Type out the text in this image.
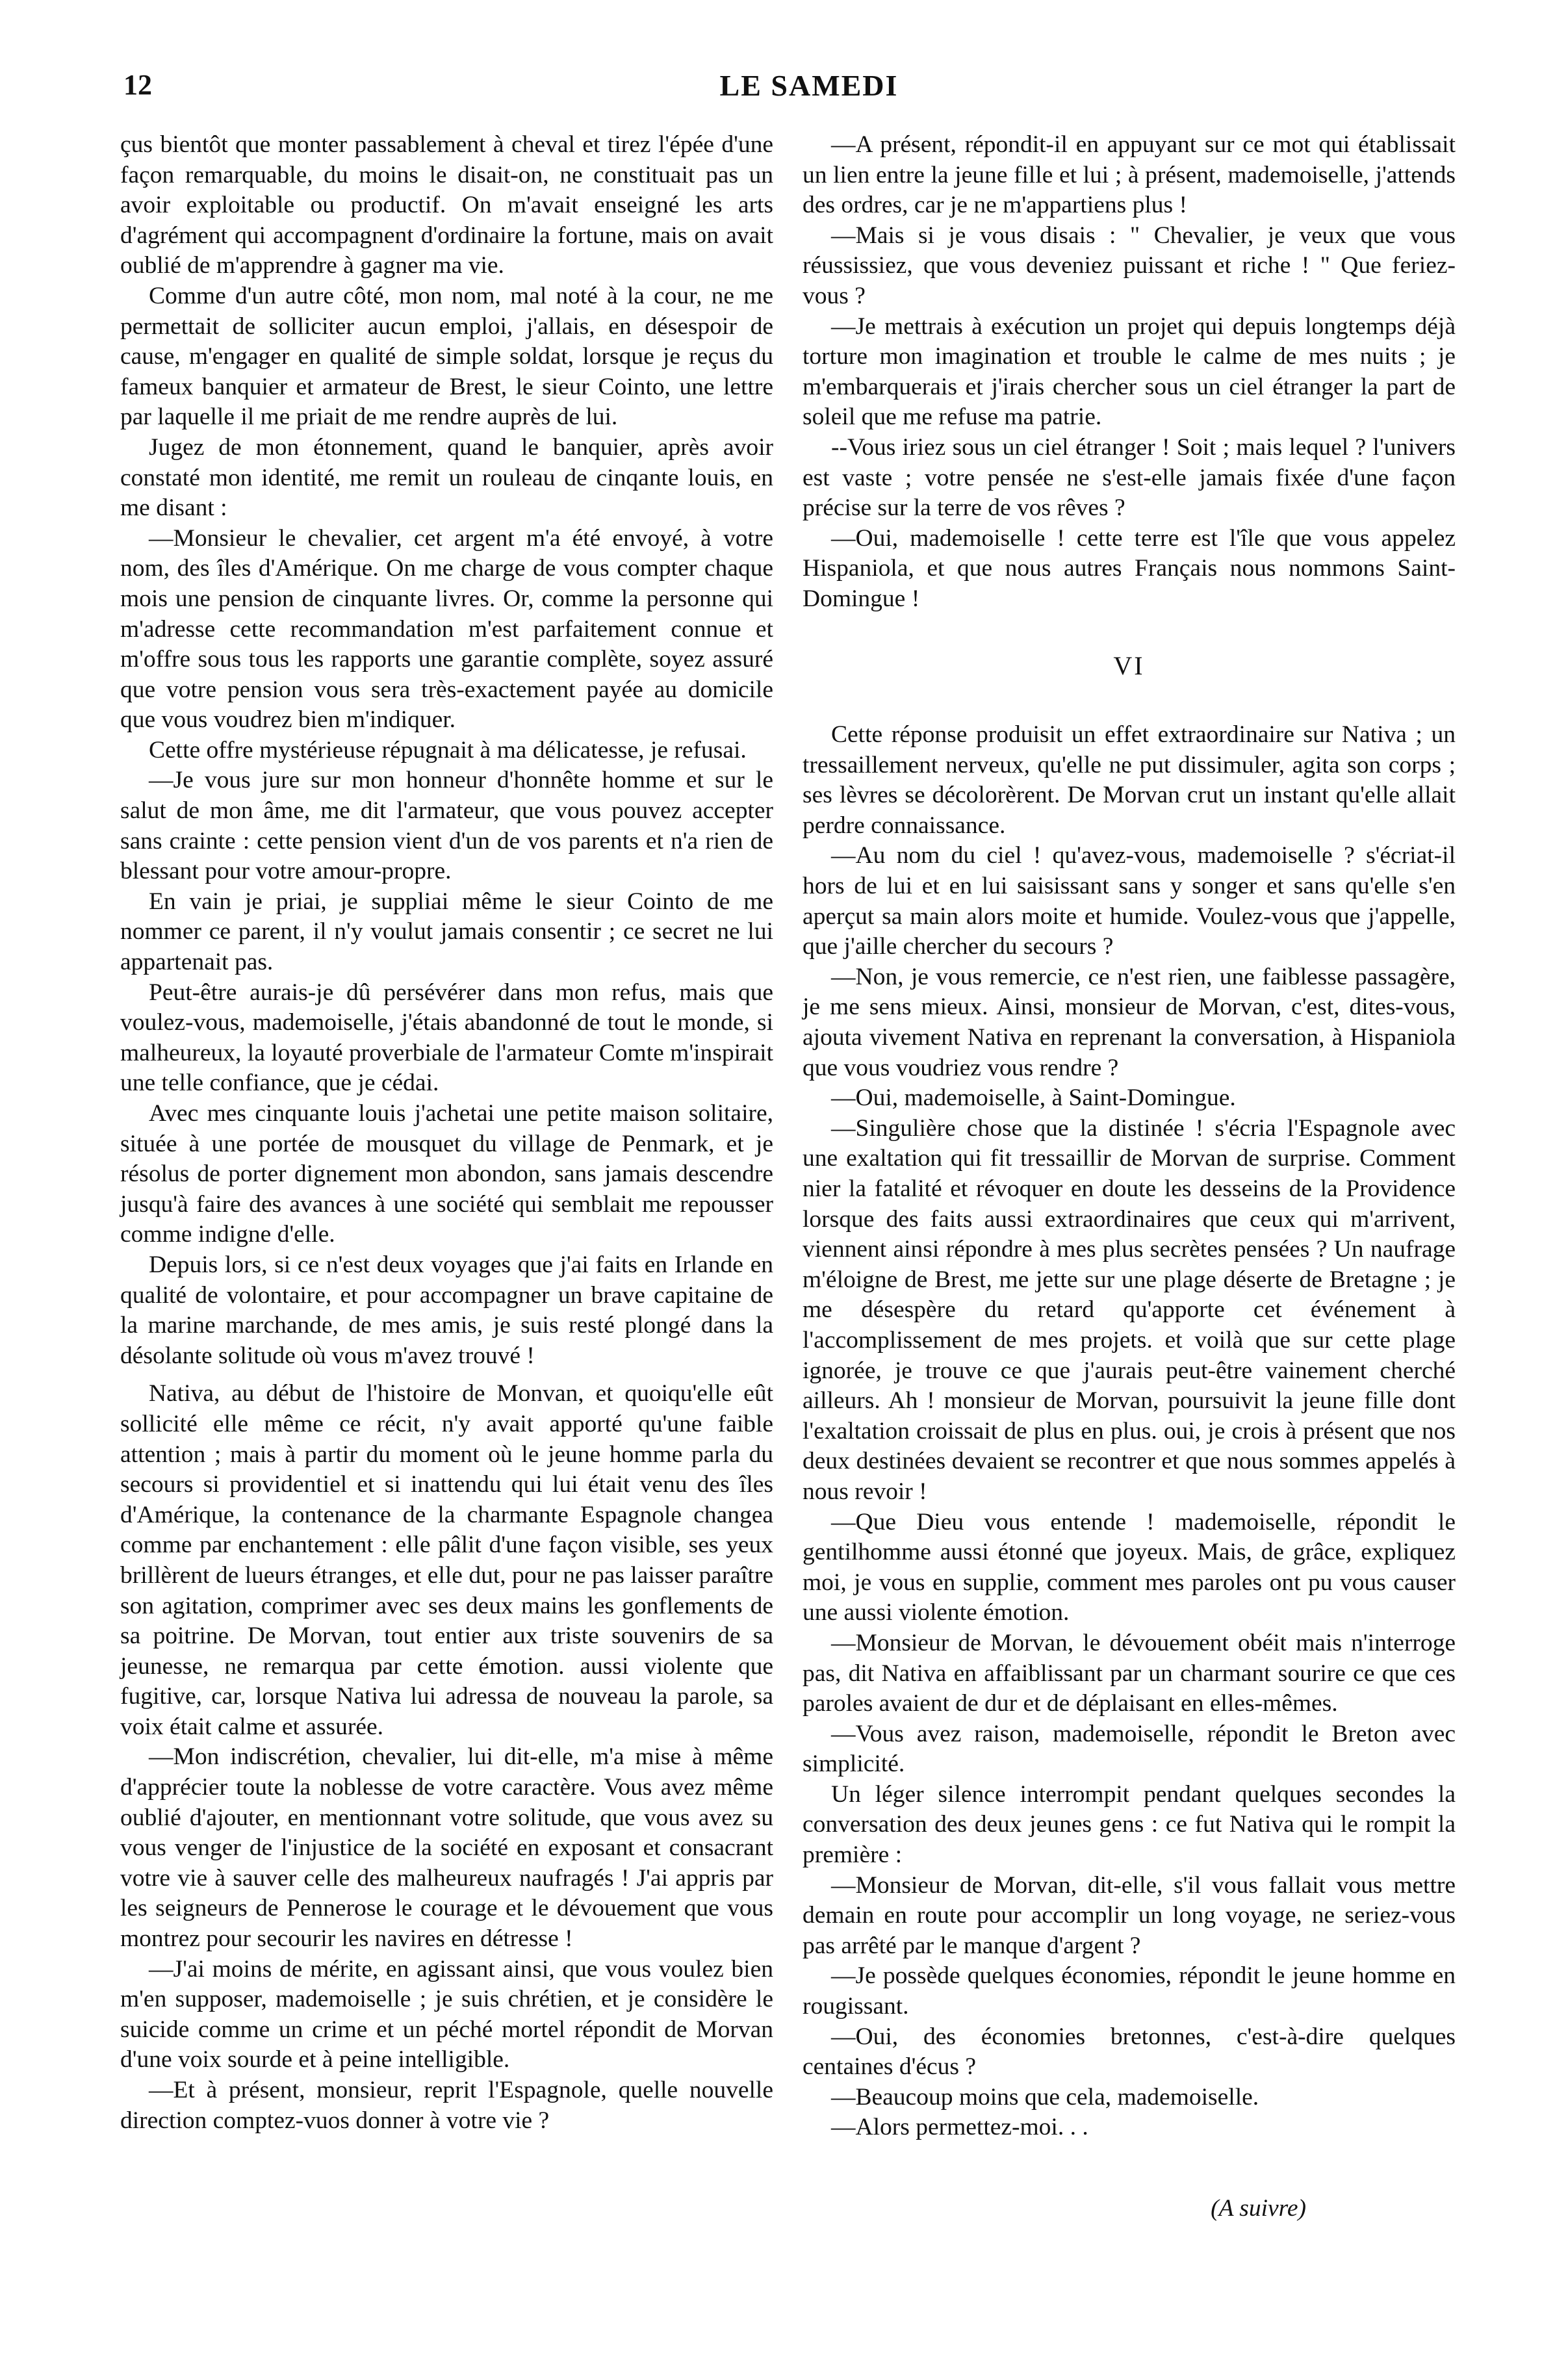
12	LE SAMEDI

çus bientôt que monter passablement à cheval et tirez l'épée d'une façon remarquable, du moins le disait-on, ne constituait pas un avoir exploitable ou productif. On m'avait enseigné les arts d'agrément qui accompagnent d'ordinaire la fortune, mais on avait oublié de m'apprendre à gagner ma vie.

Comme d'un autre côté, mon nom, mal noté à la cour, ne me permettait de solliciter aucun emploi, j'allais, en désespoir de cause, m'engager en qualité de simple soldat, lorsque je reçus du fameux banquier et armateur de Brest, le sieur Cointo, une lettre par laquelle il me priait de me rendre auprès de lui.

Jugez de mon étonnement, quand le banquier, après avoir constaté mon identité, me remit un rouleau de cinqante louis, en me disant :

—Monsieur le chevalier, cet argent m'a été envoyé, à votre nom, des îles d'Amérique. On me charge de vous compter chaque mois une pension de cinquante livres. Or, comme la personne qui m'adresse cette recommandation m'est parfaitement connue et m'offre sous tous les rapports une garantie complète, soyez assuré que votre pension vous sera très-exactement payée au domicile que vous voudrez bien m'indiquer.

Cette offre mystérieuse répugnait à ma délicatesse, je refusai.

—Je vous jure sur mon honneur d'honnête homme et sur le salut de mon âme, me dit l'armateur, que vous pouvez accepter sans crainte : cette pension vient d'un de vos parents et n'a rien de blessant pour votre amour-propre.

En vain je priai, je suppliai même le sieur Cointo de me nommer ce parent, il n'y voulut jamais consentir ; ce secret ne lui appartenait pas.

Peut-être aurais-je dû persévérer dans mon refus, mais que voulez-vous, mademoiselle, j'étais abandonné de tout le monde, si malheureux, la loyauté proverbiale de l'armateur Comte m'inspirait une telle confiance, que je cédai.

Avec mes cinquante louis j'achetai une petite maison solitaire, située à une portée de mousquet du village de Penmark, et je résolus de porter dignement mon abondon, sans jamais descendre jusqu'à faire des avances à une société qui semblait me repousser comme indigne d'elle.

Depuis lors, si ce n'est deux voyages que j'ai faits en Irlande en qualité de volontaire, et pour accompagner un brave capitaine de la marine marchande, de mes amis, je suis resté plongé dans la désolante solitude où vous m'avez trouvé !

Nativa, au début de l'histoire de Monvan, et quoiqu'elle eût sollicité elle même ce récit, n'y avait apporté qu'une faible attention ; mais à partir du moment où le jeune homme parla du secours si providentiel et si inattendu qui lui était venu des îles d'Amérique, la contenance de la charmante Espagnole changea comme par enchantement : elle pâlit d'une façon visible, ses yeux brillèrent de lueurs étranges, et elle dut, pour ne pas laisser paraître son agitation, comprimer avec ses deux mains les gonflements de sa poitrine. De Morvan, tout entier aux triste souvenirs de sa jeunesse, ne remarqua par cette émotion. aussi violente que fugitive, car, lorsque Nativa lui adressa de nouveau la parole, sa voix était calme et assurée.

—Mon indiscrétion, chevalier, lui dit-elle, m'a mise à même d'apprécier toute la noblesse de votre caractère. Vous avez même oublié d'ajouter, en mentionnant votre solitude, que vous avez su vous venger de l'injustice de la société en exposant et consacrant votre vie à sauver celle des malheureux naufragés ! J'ai appris par les seigneurs de Pennerose le courage et le dévouement que vous montrez pour secourir les navires en détresse !

—J'ai moins de mérite, en agissant ainsi, que vous voulez bien m'en supposer, mademoiselle ; je suis chrétien, et je considère le suicide comme un crime et un péché mortel répondit de Morvan d'une voix sourde et à peine intelligible.

—Et à présent, monsieur, reprit l'Espagnole, quelle nouvelle direction comptez-vuos donner à votre vie ?

—A présent, répondit-il en appuyant sur ce mot qui établissait un lien entre la jeune fille et lui ; à présent, mademoiselle, j'attends des ordres, car je ne m'appartiens plus !

—Mais si je vous disais : " Chevalier, je veux que vous réussissiez, que vous deveniez puissant et riche ! " Que feriez-vous ?

—Je mettrais à exécution un projet qui depuis longtemps déjà torture mon imagination et trouble le calme de mes nuits ; je m'embarquerais et j'irais chercher sous un ciel étranger la part de soleil que me refuse ma patrie.

--Vous iriez sous un ciel étranger ! Soit ; mais lequel ? l'univers est vaste ; votre pensée ne s'est-elle jamais fixée d'une façon précise sur la terre de vos rêves ?

—Oui, mademoiselle ! cette terre est l'île que vous appelez Hispaniola, et que nous autres Français nous nommons Saint-Domingue !

VI

Cette réponse produisit un effet extraordinaire sur Nativa ; un tressaillement nerveux, qu'elle ne put dissimuler, agita son corps ; ses lèvres se décolorèrent. De Morvan crut un instant qu'elle allait perdre connaissance.

—Au nom du ciel ! qu'avez-vous, mademoiselle ? s'écriat-il hors de lui et en lui saisissant sans y songer et sans qu'elle s'en aperçut sa main alors moite et humide. Voulez-vous que j'appelle, que j'aille chercher du secours ?

—Non, je vous remercie, ce n'est rien, une faiblesse passagère, je me sens mieux. Ainsi, monsieur de Morvan, c'est, dites-vous, ajouta vivement Nativa en reprenant la conversation, à Hispaniola que vous voudriez vous rendre ?

—Oui, mademoiselle, à Saint-Domingue.

—Singulière chose que la distinée ! s'écria l'Espagnole avec une exaltation qui fit tressaillir de Morvan de surprise. Comment nier la fatalité et révoquer en doute les desseins de la Providence lorsque des faits aussi extraordinaires que ceux qui m'arrivent, viennent ainsi répondre à mes plus secrètes pensées ? Un naufrage m'éloigne de Brest, me jette sur une plage déserte de Bretagne ; je me désespère du retard qu'apporte cet événement à l'accomplissement de mes projets. et voilà que sur cette plage ignorée, je trouve ce que j'aurais peut-être vainement cherché ailleurs. Ah ! monsieur de Morvan, poursuivit la jeune fille dont l'exaltation croissait de plus en plus. oui, je crois à présent que nos deux destinées devaient se recontrer et que nous sommes appelés à nous revoir !

—Que Dieu vous entende ! mademoiselle, répondit le gentilhomme aussi étonné que joyeux. Mais, de grâce, expliquez moi, je vous en supplie, comment mes paroles ont pu vous causer une aussi violente émotion.

—Monsieur de Morvan, le dévouement obéit mais n'interroge pas, dit Nativa en affaiblissant par un charmant sourire ce que ces paroles avaient de dur et de déplaisant en elles-mêmes.

—Vous avez raison, mademoiselle, répondit le Breton avec simplicité.

Un léger silence interrompit pendant quelques secondes la conversation des deux jeunes gens : ce fut Nativa qui le rompit la première :

—Monsieur de Morvan, dit-elle, s'il vous fallait vous mettre demain en route pour accomplir un long voyage, ne seriez-vous pas arrêté par le manque d'argent ?

—Je possède quelques économies, répondit le jeune homme en rougissant.

—Oui, des économies bretonnes, c'est-à-dire quelques centaines d'écus ?

—Beaucoup moins que cela, mademoiselle.

—Alors permettez-moi. . .

(A suivre)
